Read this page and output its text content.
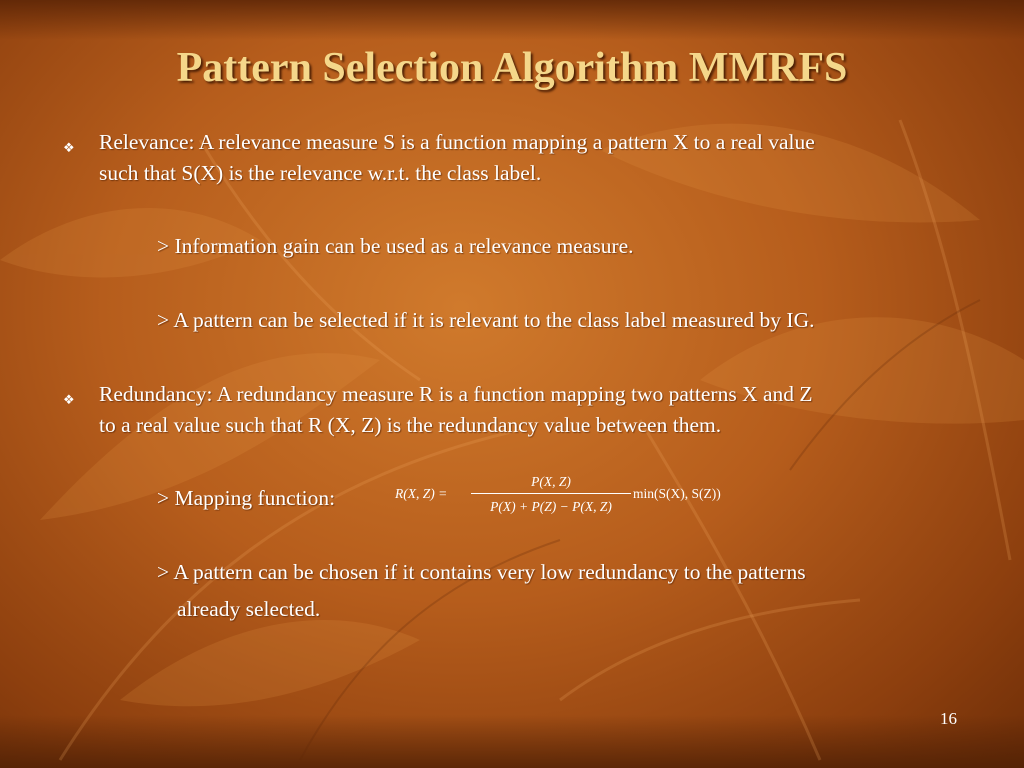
Pattern Selection Algorithm MMRFS
❖ Relevance: A relevance measure S is a function mapping a pattern X to a real value
such that S(X) is the relevance w.r.t. the class label.
> Information gain can be used as a relevance measure.
> A pattern can be selected if it is relevant to the class label measured by IG.
❖ Redundancy: A redundancy measure R is a function mapping two patterns X and Z
to a real value such that R (X, Z) is the redundancy value between them.
> Mapping function:	R(X, Z) =
P(X, Z)
P(X) + P(Z) − P(X, Z)
min(S(X), S(Z))
> A pattern can be chosen if it contains very low redundancy to the patterns
already selected.
16
